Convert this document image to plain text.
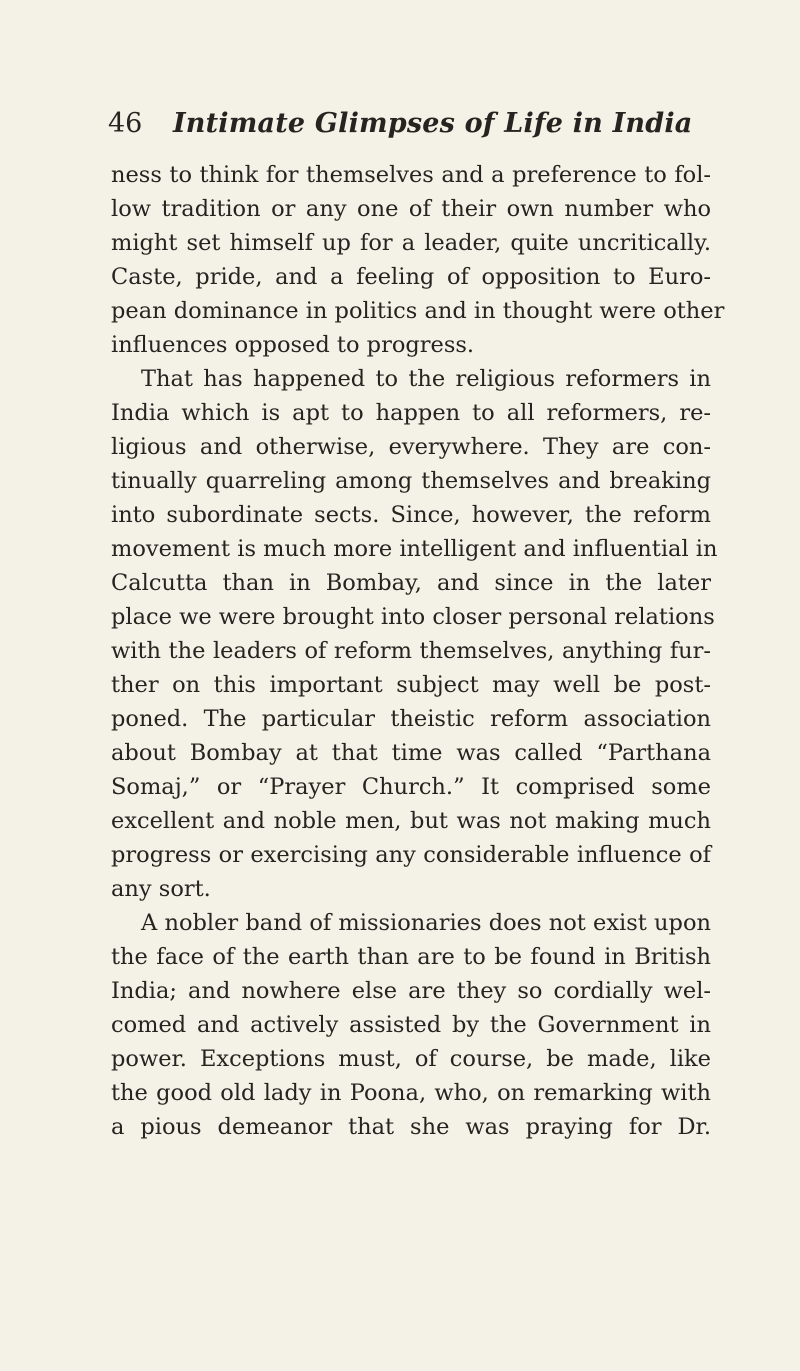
46 Intimate Glimpses of Life in India
ness to think for themselves and a preference to fol-
low tradition or any one of their own number who
might set himself up for a leader, quite uncritically.
Caste, pride, and a feeling of opposition to Euro-
pean dominance in politics and in thought were other
influences opposed to progress.
That has happened to the religious reformers in
India which is apt to happen to all reformers, re-
ligious and otherwise, everywhere. They are con-
tinually quarreling among themselves and breaking
into subordinate sects. Since, however, the reform
movement is much more intelligent and influential in
Calcutta than in Bombay, and since in the later
place we were brought into closer personal relations
with the leaders of reform themselves, anything fur-
ther on this important subject may well be post-
poned. The particular theistic reform association
about Bombay at that time was called “Parthana
Somaj,” or “Prayer Church.” It comprised some
excellent and noble men, but was not making much
progress or exercising any considerable influence of
any sort.
A nobler band of missionaries does not exist upon
the face of the earth than are to be found in British
India; and nowhere else are they so cordially wel-
comed and actively assisted by the Government in
power. Exceptions must, of course, be made, like
the good old lady in Poona, who, on remarking with
a pious demeanor that she was praying for Dr.
